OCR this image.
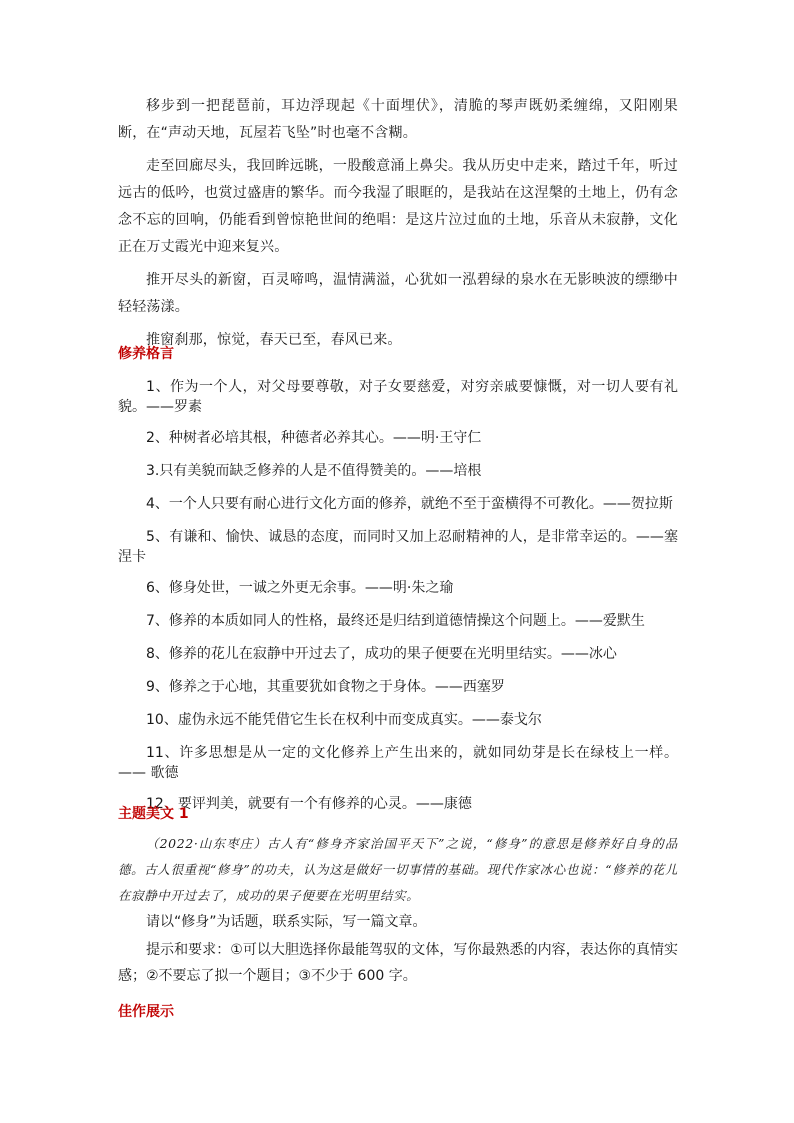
移步到一把琵琶前，耳边浮现起《十面埋伏》，清脆的琴声既奶柔缠绵，又阳刚果断，在“声动天地，瓦屋若飞坠”时也毫不含糊。

走至回廊尽头，我回眸远眺，一股酸意涌上鼻尖。我从历史中走来，踏过千年，听过远古的低吟，也赏过盛唐的繁华。而今我湿了眼眶的，是我站在这涅槃的土地上，仍有念念不忘的回响，仍能看到曾惊艳世间的绝唱：是这片泣过血的土地，乐音从未寂静，文化正在万丈霞光中迎来复兴。

推开尽头的新窗，百灵啼鸣，温情满溢，心犹如一泓碧绿的泉水在无影映波的缥缈中轻轻荡漾。

推窗刹那，惊觉，春天已至，春风已来。

修养格言

1、作为一个人，对父母要尊敬，对子女要慈爱，对穷亲戚要慷慨，对一切人要有礼貌。——罗素

2、种树者必培其根，种德者必养其心。——明·王守仁

3.只有美貌而缺乏修养的人是不值得赞美的。——培根

4、一个人只要有耐心进行文化方面的修养，就绝不至于蛮横得不可教化。——贺拉斯

5、有谦和、愉快、诚恳的态度，而同时又加上忍耐精神的人，是非常幸运的。——塞涅卡

6、修身处世，一诚之外更无余事。——明·朱之瑜

7、修养的本质如同人的性格，最终还是归结到道德情操这个问题上。——爱默生

8、修养的花儿在寂静中开过去了，成功的果子便要在光明里结实。——冰心

9、修养之于心地，其重要犹如食物之于身体。——西塞罗

10、虚伪永远不能凭借它生长在权利中而变成真实。——泰戈尔

11、许多思想是从一定的文化修养上产生出来的，就如同幼芽是长在绿枝上一样。—— 歌德

12、要评判美，就要有一个有修养的心灵。——康德

主题美文 1

（2022·山东枣庄）古人有“修身齐家治国平天下”之说，“修身”的意思是修养好自身的品德。古人很重视“修身”的功夫，认为这是做好一切事情的基础。现代作家冰心也说：“修养的花儿在寂静中开过去了，成功的果子便要在光明里结实。

请以“修身”为话题，联系实际，写一篇文章。

提示和要求：①可以大胆选择你最能驾驭的文体，写你最熟悉的内容，表达你的真情实感；②不要忘了拟一个题目；③不少于 600 字。

佳作展示
